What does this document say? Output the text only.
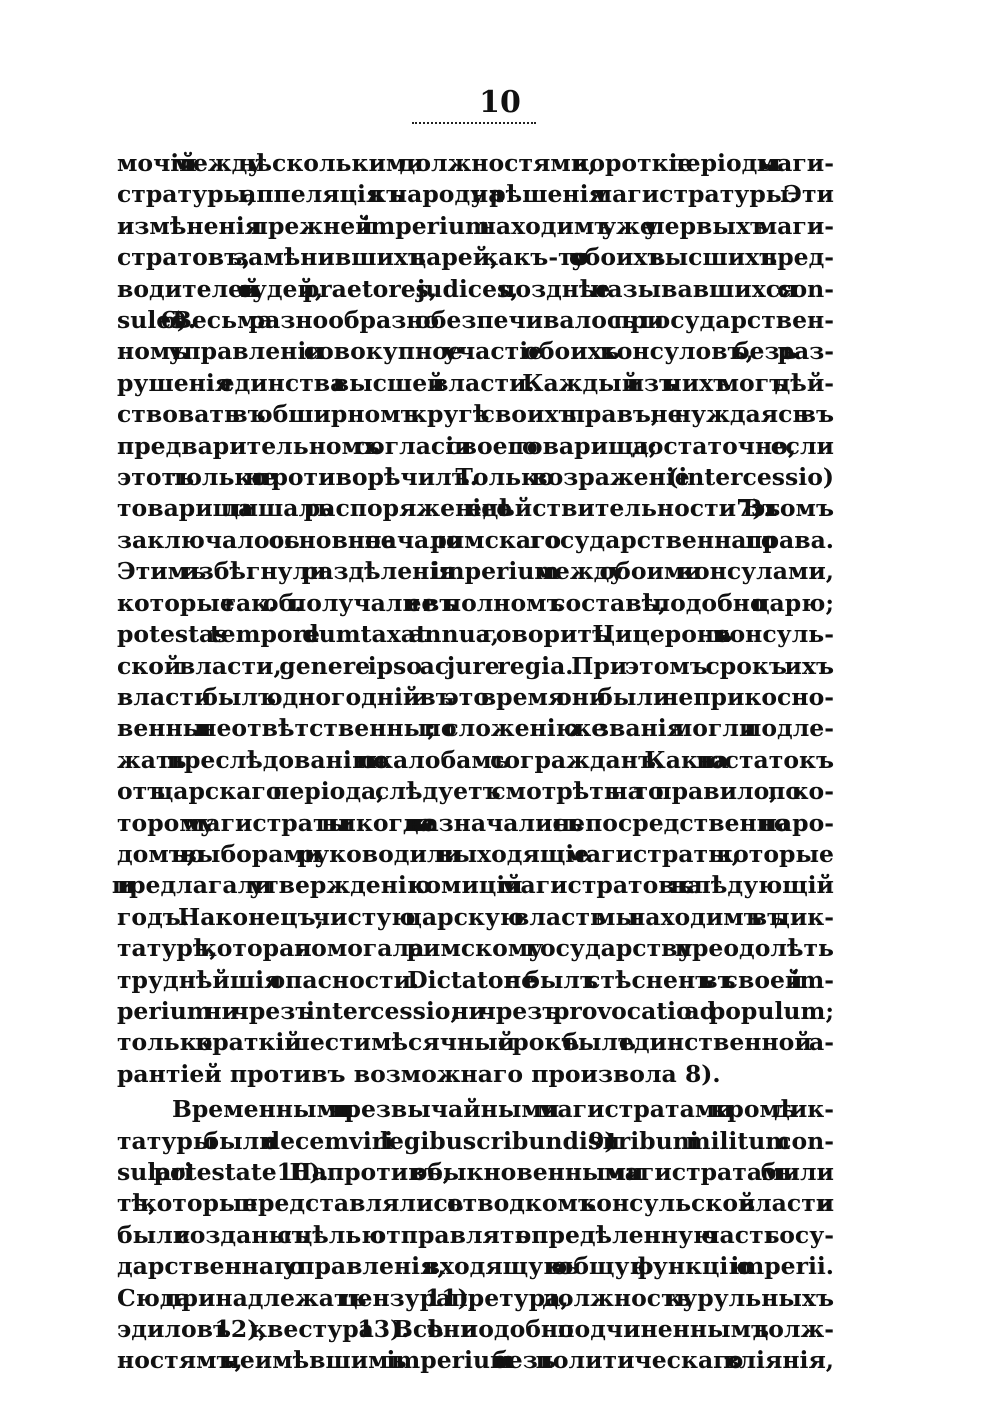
10
мочій между нѣсколькими должностями, короткіе періоды маги-
стратуры, аппеляція къ народу на рѣшенія магистратуры. Эти
измѣненія прежней imperium находимъ уже у первыхъ маги-
стратовъ, замѣнившихъ царей, какъ-то у обоихъ высшихъ пред-
водителей и судей, praetores, judices, позднѣе называвшихся con-
sules 6). Весьма разнообразно обезпечивалось при государствен-
номъ управленіи совокупное участіе обоихъ консуловъ, безъ раз-
рушенія единства высшей власти. Каждый изъ нихъ могъ дѣй-
ствовать въ обширномъ кругѣ своихъ правъ, не нуждаясь въ
предварительномъ согласіи своего товарища; достаточно, если
этотъ только не противорѣчилъ. Только возраженіе (intercessio)
товарища лишалъ распоряженіе его дѣйствительности7). Въ этомъ
заключалось основное начало римскаго государственнаго права.
Этимъ избѣгнули раздѣленія imperium между обоими консулами,
которые так. об. получали ее въ полномъ составѣ, подобно царю;
potestas tempore dumtaxat annua, говоритъ Цицеронъ о консуль-
ской власти, genere ipso ac jure regia. При этомъ срокъ ихъ
власти былъ одногодній и въ это время они были неприкосно-
венны и неотвѣтственны; по сложенію же званія могли подле-
жать преслѣдованію по жалобамъ согражданъ. Какъ на остатокъ
отъ царскаго періода, слѣдуетъ смотрѣть на то правило, по ко-
торому магистраты никогда не назначались непосредственно наро-
домъ, но выборами руководили выходящіе магистраты, которые
и предлагали утвержденію комицій магистратовъ на слѣдующій
годъ. Наконецъ, чистую царскую власть мы находимъ въ дик-
татурѣ, которая помогала римскому государству преодолѣть
труднѣйшія опасности. Dictator не былъ стѣсненъ въ своей im-
perium ни чрезъ intercessio, ни чрезъ provocatio ad populum;
только краткій шестимѣсячный срокъ былъ единственной га-
рантіей противъ возможнаго произвола 8).
Временными и чрезвычайными магистратами кромѣ дик-
татуры были decemviri legibus scribundis 9) и tribuni militum con-
sulari potestate10). Напротивъ, обыкновенными магистратами были
тѣ, которые представлялись отводкомъ консульской власти и
были созданы съ цѣлью отправлять опредѣленную часть госу-
дарственнаго управленія, входящую въ общую функцію imperii.
Сюда принадлежатъ цензура 11), претура, должность курульныхъ
эдиловъ 12), квестура 13). Всѣ они подобно подчиненнымъ долж-
ностямъ, неимѣвшимъ imperium и безъ политическаго вліянія,
